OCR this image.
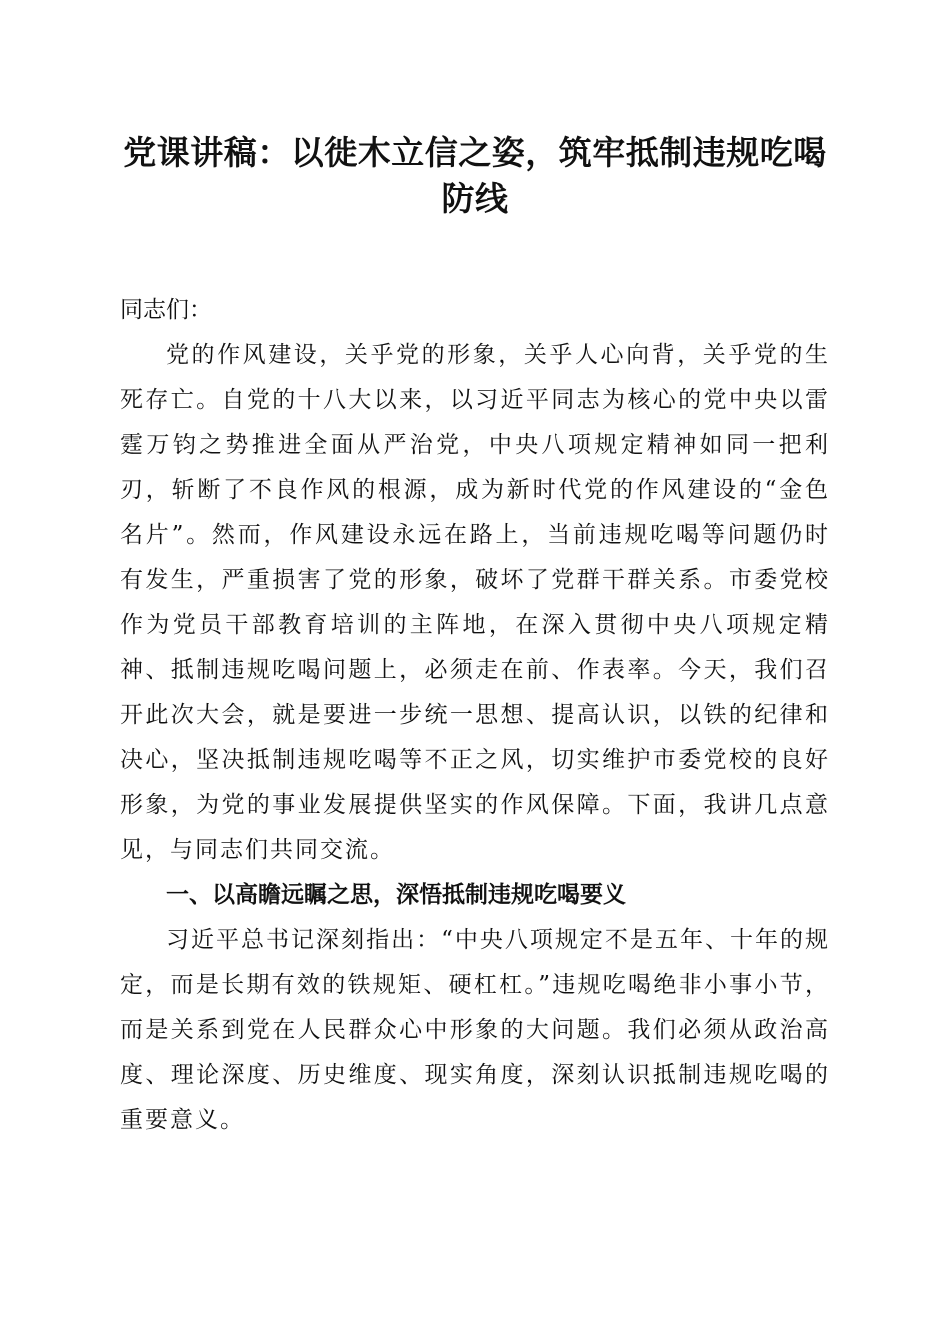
党课讲稿：以徙木立信之姿，筑牢抵制违规吃喝防线

同志们：

党的作风建设，关乎党的形象，关乎人心向背，关乎党的生死存亡。自党的十八大以来，以习近平同志为核心的党中央以雷霆万钧之势推进全面从严治党，中央八项规定精神如同一把利刃，斩断了不良作风的根源，成为新时代党的作风建设的“金色名片”。然而，作风建设永远在路上，当前违规吃喝等问题仍时有发生，严重损害了党的形象，破坏了党群干群关系。市委党校作为党员干部教育培训的主阵地，在深入贯彻中央八项规定精神、抵制违规吃喝问题上，必须走在前、作表率。今天，我们召开此次大会，就是要进一步统一思想、提高认识，以铁的纪律和决心，坚决抵制违规吃喝等不正之风，切实维护市委党校的良好形象，为党的事业发展提供坚实的作风保障。下面，我讲几点意见，与同志们共同交流。

一、以高瞻远瞩之思，深悟抵制违规吃喝要义

习近平总书记深刻指出：“中央八项规定不是五年、十年的规定，而是长期有效的铁规矩、硬杠杠。”违规吃喝绝非小事小节，而是关系到党在人民群众心中形象的大问题。我们必须从政治高度、理论深度、历史维度、现实角度，深刻认识抵制违规吃喝的重要意义。
